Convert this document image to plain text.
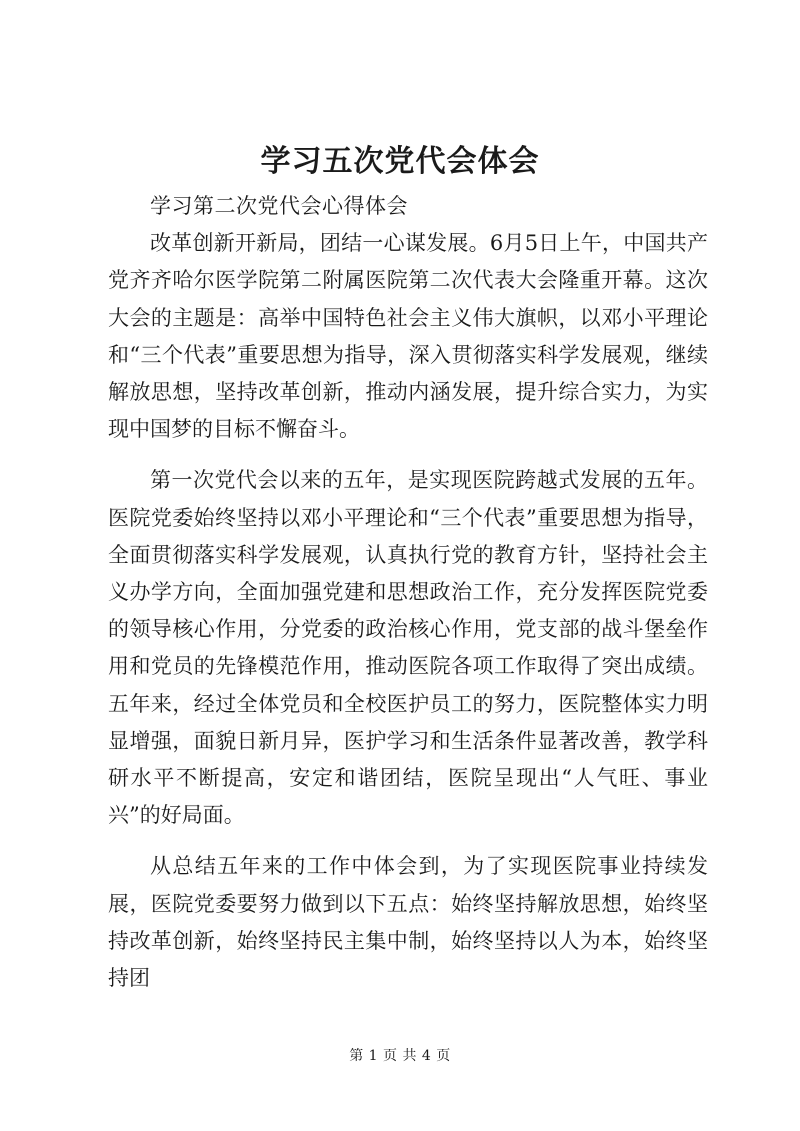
学习五次党代会体会

学习第二次党代会心得体会

改革创新开新局，团结一心谋发展。6月5日上午，中国共产党齐齐哈尔医学院第二附属医院第二次代表大会隆重开幕。这次大会的主题是：高举中国特色社会主义伟大旗帜，以邓小平理论和“三个代表”重要思想为指导，深入贯彻落实科学发展观，继续解放思想，坚持改革创新，推动内涵发展，提升综合实力，为实现中国梦的目标不懈奋斗。

第一次党代会以来的五年，是实现医院跨越式发展的五年。医院党委始终坚持以邓小平理论和“三个代表”重要思想为指导，全面贯彻落实科学发展观，认真执行党的教育方针，坚持社会主义办学方向，全面加强党建和思想政治工作，充分发挥医院党委的领导核心作用，分党委的政治核心作用，党支部的战斗堡垒作用和党员的先锋模范作用，推动医院各项工作取得了突出成绩。五年来，经过全体党员和全校医护员工的努力，医院整体实力明显增强，面貌日新月异，医护学习和生活条件显著改善，教学科研水平不断提高，安定和谐团结，医院呈现出“人气旺、事业兴”的好局面。

从总结五年来的工作中体会到，为了实现医院事业持续发展，医院党委要努力做到以下五点：始终坚持解放思想，始终坚持改革创新，始终坚持民主集中制，始终坚持以人为本，始终坚持团

第 1 页 共 4 页
